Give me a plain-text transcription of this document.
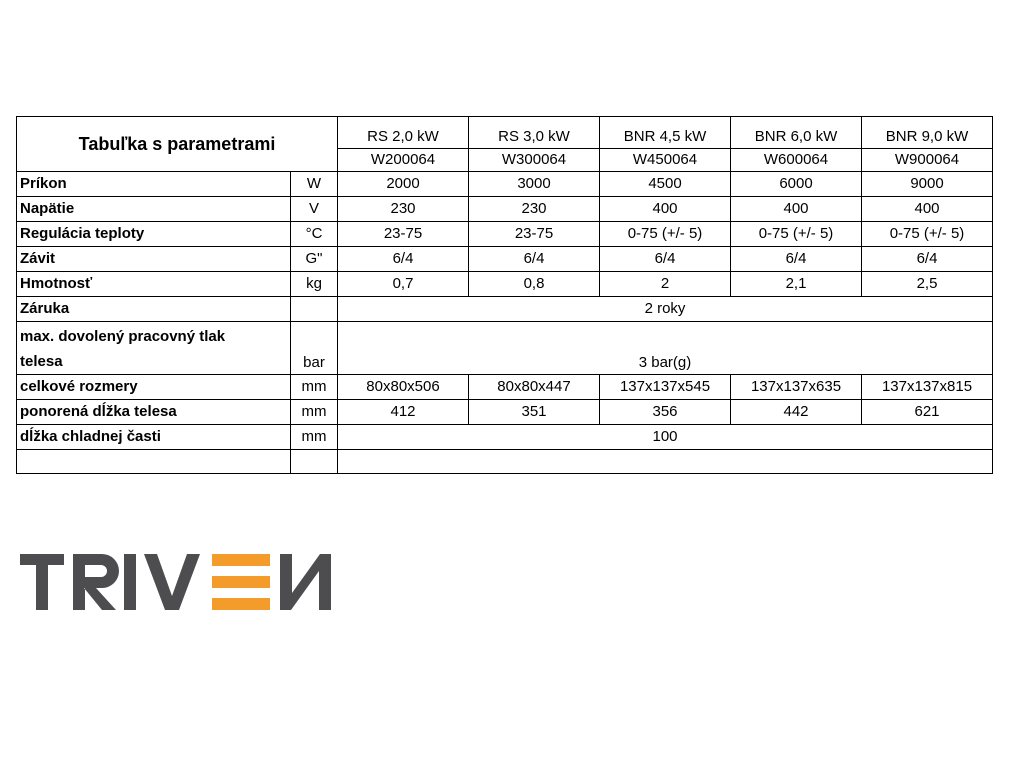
Tabuľka s parametrami		RS 2,0 kW	RS 3,0 kW	BNR 4,5 kW	BNR 6,0 kW	BNR 9,0 kW
		W200064	W300064	W450064	W600064	W900064
Príkon	W	2000	3000	4500	6000	9000
Napätie	V	230	230	400	400	400
Regulácia teploty	°C	23-75	23-75	0-75 (+/- 5)	0-75 (+/- 5)	0-75 (+/- 5)
Závit	G"	6/4	6/4	6/4	6/4	6/4
Hmotnosť	kg	0,7	0,8	2	2,1	2,5
Záruka		2 roky				
max. dovolený pracovný tlak
telesa	bar	3 bar(g)				
celkové rozmery	mm	80x80x506	80x80x447	137x137x545	137x137x635	137x137x815
ponorená dĺžka telesa	mm	412	351	356	442	621
dĺžka chladnej časti	mm	100				
